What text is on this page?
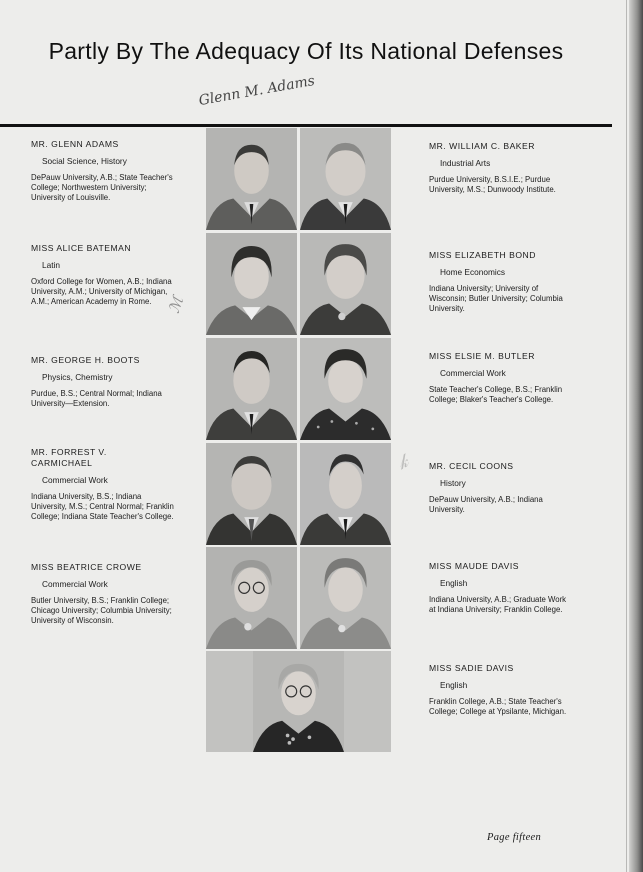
Partly By The Adequacy Of Its National Defenses
Glenn M. Adams
ℳ
𝓀
MR. GLENN ADAMS
Social Science, History
DePauw University, A.B.; State Teacher's College; Northwestern University; University of Louisville.
MISS ALICE BATEMAN
Latin
Oxford College for Women, A.B.; Indiana University, A.M.; University of Michigan, A.M.; American Academy in Rome.
MR. GEORGE H. BOOTS
Physics, Chemistry
Purdue, B.S.; Central Normal; Indiana University—Extension.
MR. FORREST V. CARMICHAEL
Commercial Work
Indiana University, B.S.; Indiana University, M.S.; Central Normal; Franklin College; Indiana State Teacher's College.
MISS BEATRICE CROWE
Commercial Work
Butler University, B.S.; Franklin College; Chicago University; Columbia University; University of Wisconsin.
MR. WILLIAM C. BAKER
Industrial Arts
Purdue University, B.S.I.E.; Purdue University, M.S.; Dunwoody Institute.
MISS ELIZABETH BOND
Home Economics
Indiana University; University of Wisconsin; Butler University; Columbia University.
MISS ELSIE M. BUTLER
Commercial Work
State Teacher's College, B.S.; Franklin College; Blaker's Teacher's College.
MR. CECIL COONS
History
DePauw University, A.B.; Indiana University.
MISS MAUDE DAVIS
English
Indiana University, A.B.; Graduate Work at Indiana University; Franklin College.
MISS SADIE DAVIS
English
Franklin College, A.B.; State Teacher's College; College at Ypsilante, Michigan.
Page fifteen
